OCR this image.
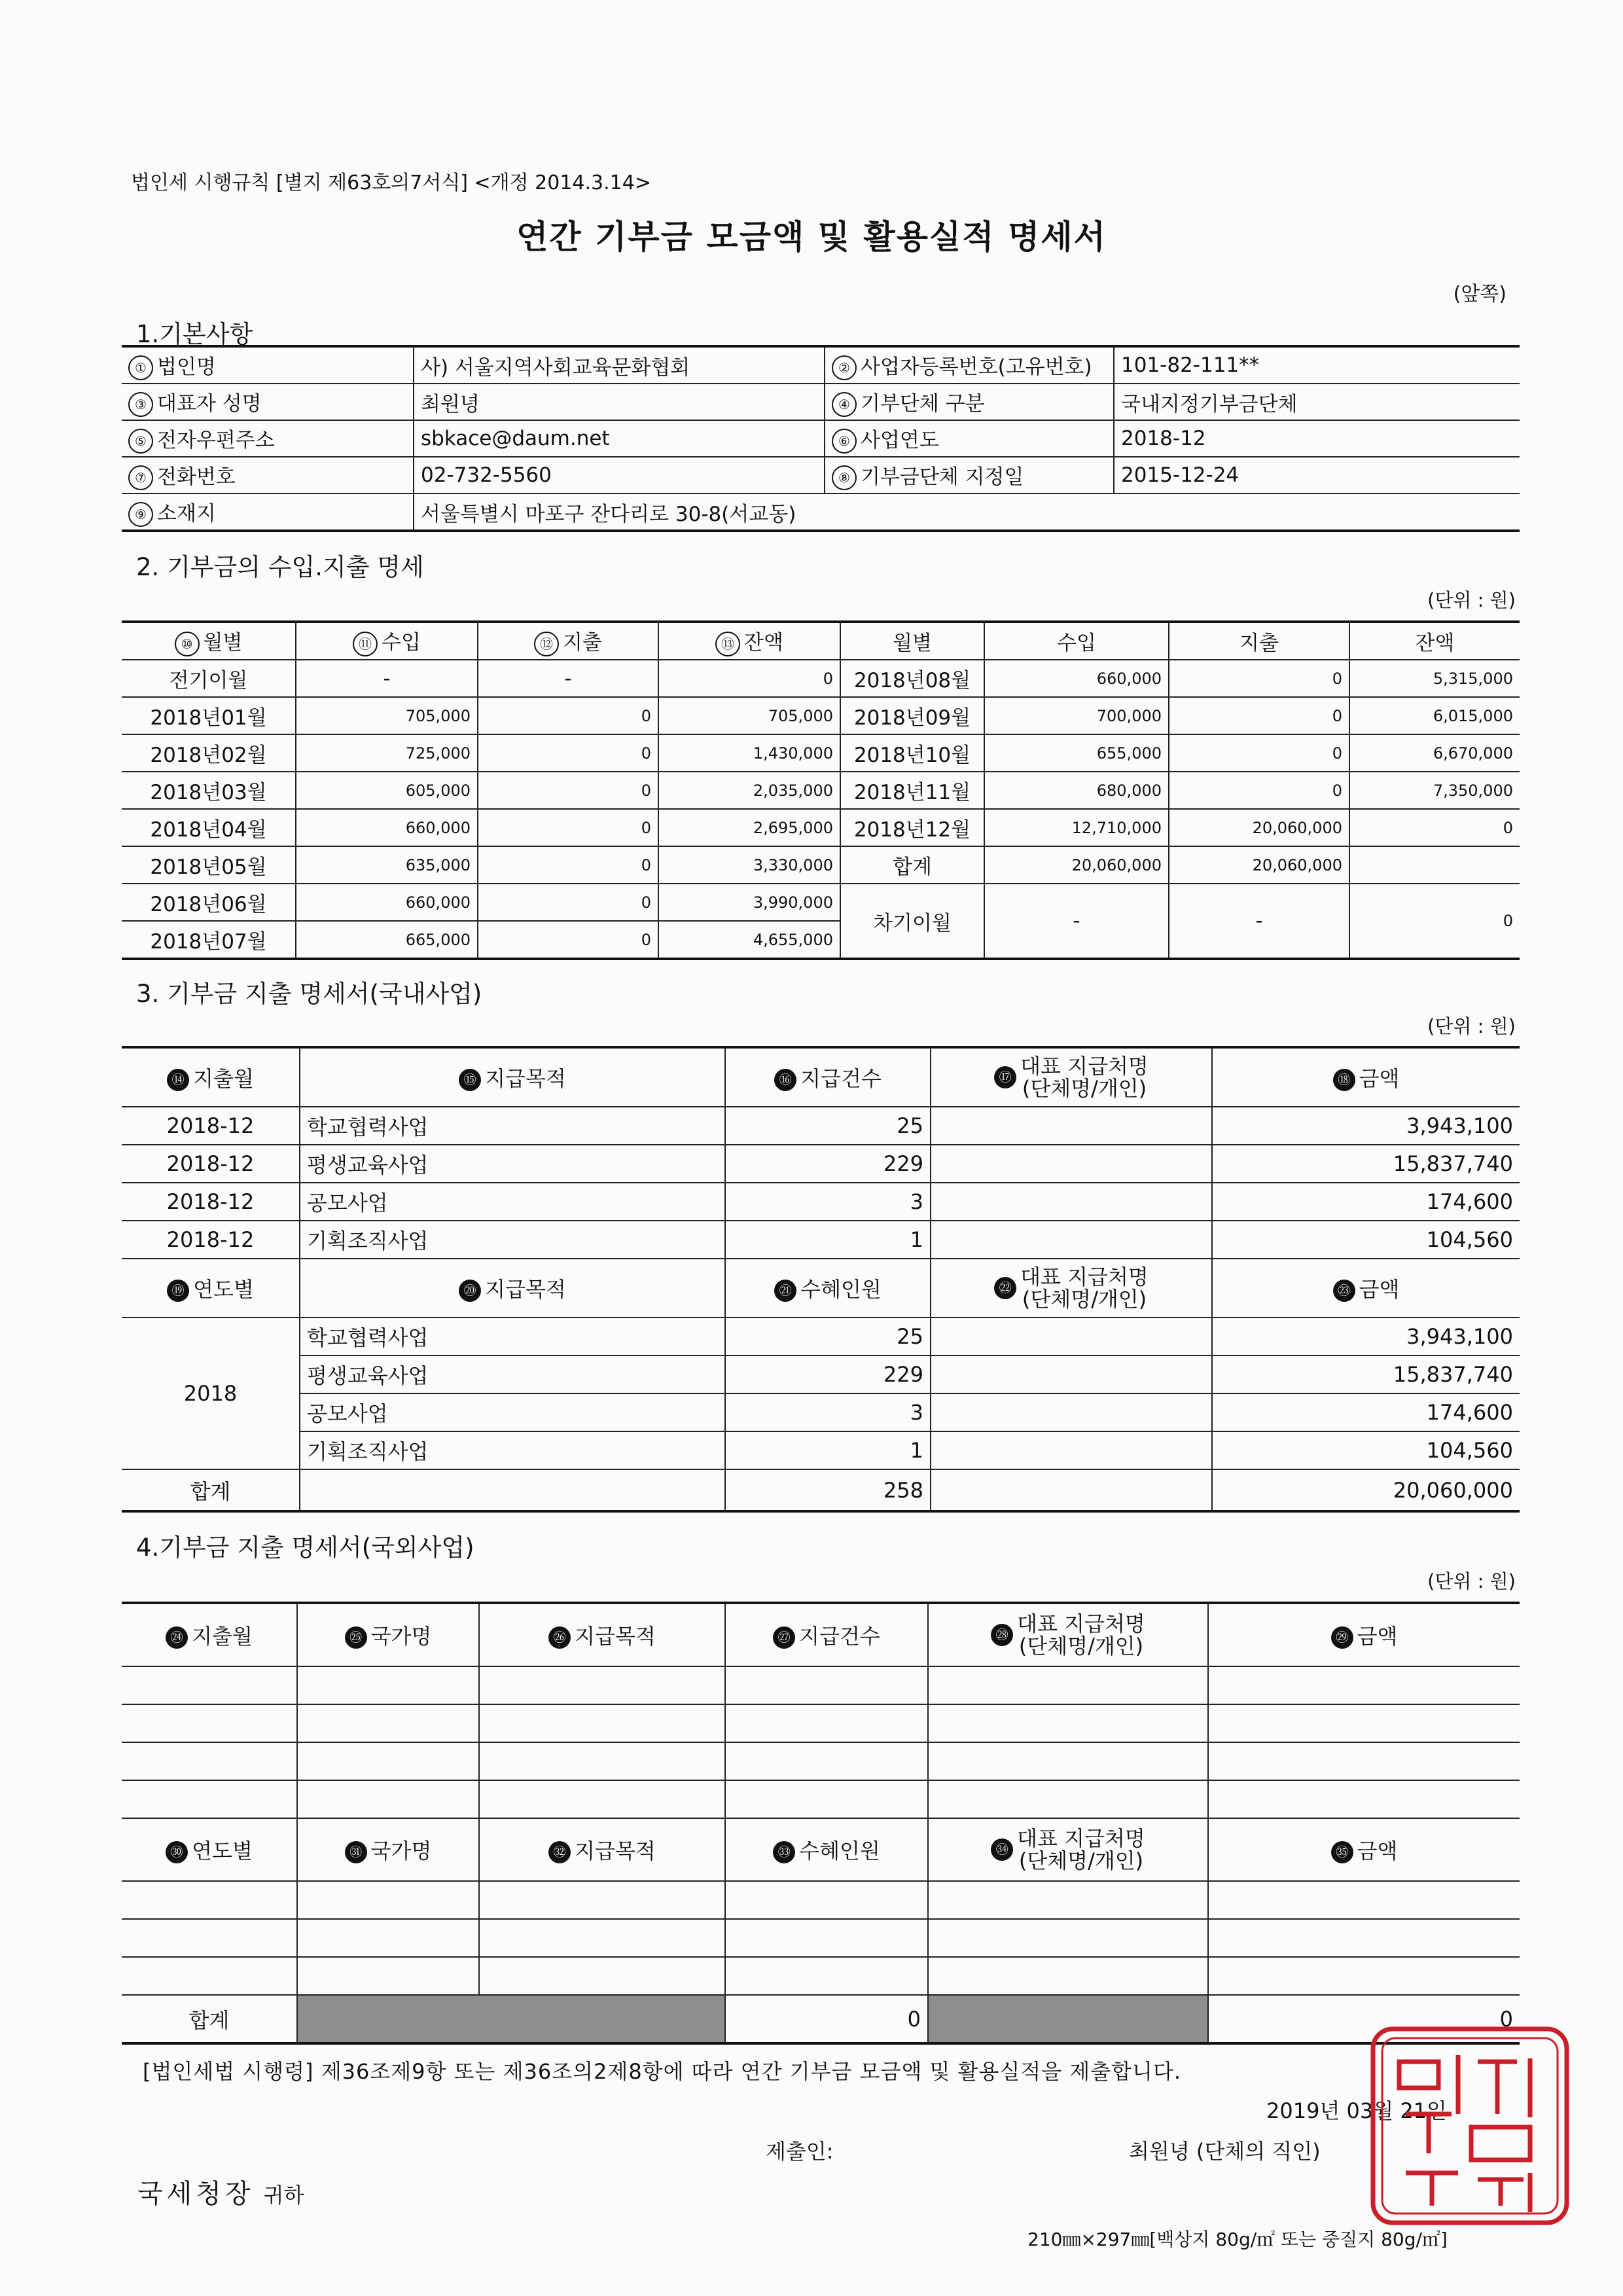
법인세 시행규칙 [별지 제63호의7서식] <개정 2014.3.14>
연간 기부금 모금액 및 활용실적 명세서
(앞쪽)
1.기본사항
① 법인명	사) 서울지역사회교육문화협회	② 사업자등록번호(고유번호)	101-82-111**
③ 대표자 성명	최원녕	④ 기부단체 구분	국내지정기부금단체
⑤ 전자우편주소	sbkace@daum.net	⑥ 사업연도	2018-12
⑦ 전화번호	02-732-5560	⑧ 기부금단체 지정일	2015-12-24
⑨ 소재지	서울특별시 마포구 잔다리로 30-8(서교동)		
2. 기부금의 수입.지출 명세
(단위 : 원)
⑩ 월별	⑪ 수입	⑫ 지출	⑬ 잔액	월별	수입	지출	잔액
전기이월	-	-	0	2018년08월	660,000	0	5,315,000
2018년01월	705,000	0	705,000	2018년09월	700,000	0	6,015,000
2018년02월	725,000	0	1,430,000	2018년10월	655,000	0	6,670,000
2018년03월	605,000	0	2,035,000	2018년11월	680,000	0	7,350,000
2018년04월	660,000	0	2,695,000	2018년12월	12,710,000	20,060,000	0
2018년05월	635,000	0	3,330,000	합계	20,060,000	20,060,000	
2018년06월	660,000	0	3,990,000	차기이월	-	-	0
2018년07월	665,000	0	4,655,000				
3. 기부금 지출 명세서(국내사업)
(단위 : 원)
⑭ 지출월	⑮ 지급목적	⑯ 지급건수	⑰ 대표 지급처명
(단체명/개인)	⑱ 금액
2018-12	학교협력사업	25		3,943,100
2018-12	평생교육사업	229		15,837,740
2018-12	공모사업	3		174,600
2018-12	기획조직사업	1		104,560
⑲ 연도별	⑳ 지급목적	㉑ 수혜인원	㉒ 대표 지급처명
(단체명/개인)	㉓ 금액
2018	학교협력사업	25		3,943,100
	평생교육사업	229		15,837,740
	공모사업	3		174,600
	기획조직사업	1		104,560
합계		258		20,060,000
4.기부금 지출 명세서(국외사업)
(단위 : 원)
㉔ 지출월	㉕ 국가명	㉖ 지급목적	㉗ 지급건수	㉘ 대표 지급처명
(단체명/개인)	㉙ 금액

㉚ 연도별	㉛ 국가명	㉜ 지급목적	㉝ 수혜인원	㉞ 대표 지급처명
(단체명/개인)	㉟ 금액

합계			0		0
[법인세법 시행령] 제36조제9항 또는 제36조의2제8항에 따라 연간 기부금 모금액 및 활용실적을 제출합니다.
2019년 03월 21일
제출인:	최원녕 (단체의 직인)
국세청장 귀하
210㎜×297㎜[백상지 80g/㎡ 또는 중질지 80g/㎡]
